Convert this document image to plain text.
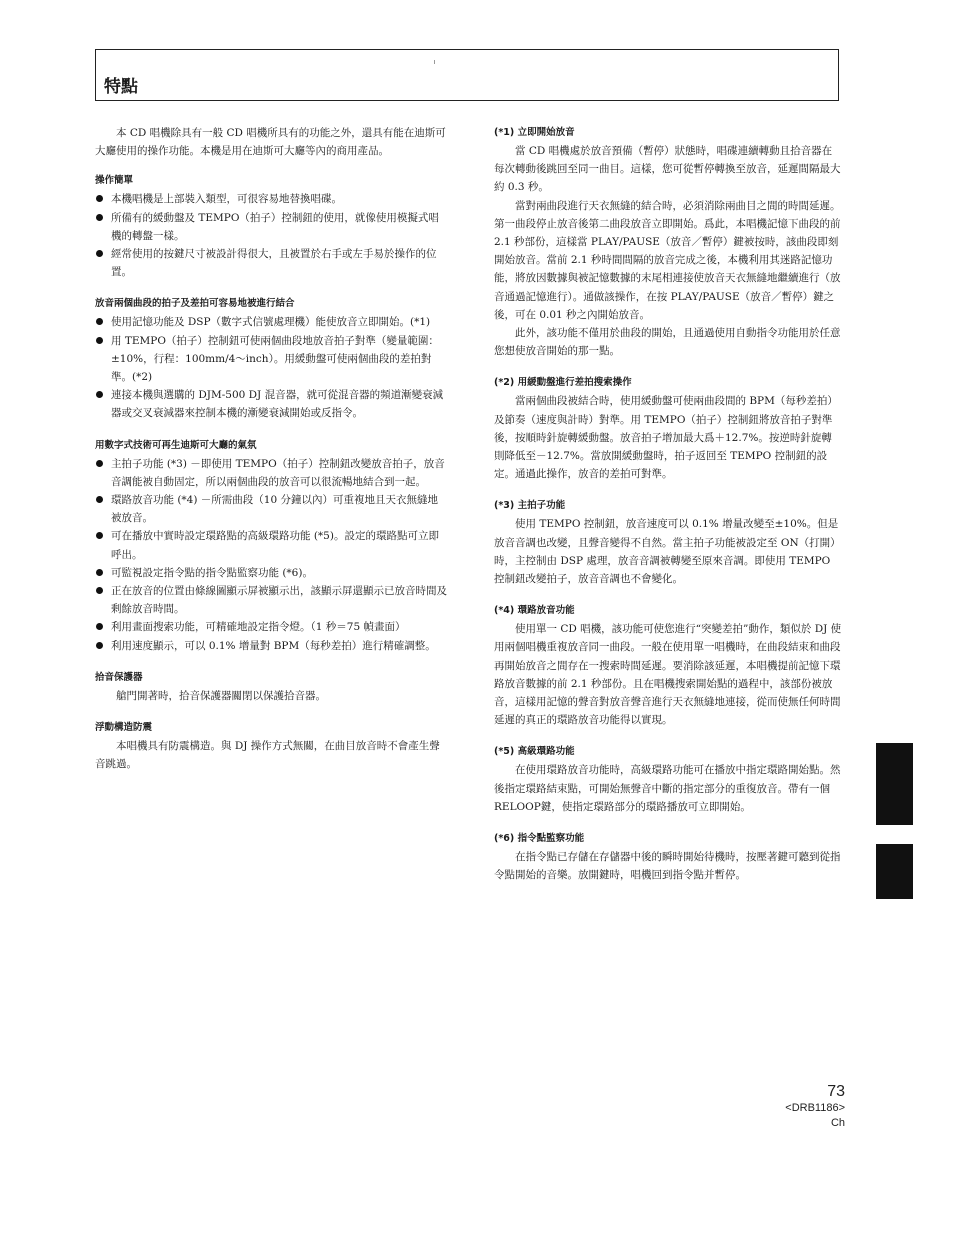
特點

本 CD 唱機除具有一般 CD 唱機所具有的功能之外，還具有能在迪斯可大廳使用的操作功能。本機是用在迪斯可大廳等內的商用產品。

操作簡單
本機唱機是上部裝入類型，可很容易地替換唱碟。
所備有的緩動盤及 TEMPO（拍子）控制鈕的使用，就像使用模擬式唱機的轉盤一樣。
經常使用的按鍵尺寸被設計得很大，且被置於右手或左手易於操作的位置。
放音兩個曲段的拍子及差拍可容易地被進行結合
使用記憶功能及 DSP（數字式信號處理機）能使放音立即開始。(*1)
用 TEMPO（拍子）控制鈕可使兩個曲段地放音拍子對準（變量範圍：±10%，行程：100mm/4～inch）。用緩動盤可使兩個曲段的差拍對準。(*2)
連接本機與選購的 DJM-500 DJ 混音器，就可從混音器的頻道漸變衰減器或交叉衰減器來控制本機的漸變衰減開始或反指令。
用數字式技術可再生迪斯可大廳的氣氛
主拍子功能 (*3) －即使用 TEMPO（拍子）控制鈕改變放音拍子，放音音調能被自動固定，所以兩個曲段的放音可以很流暢地結合到一起。
環路放音功能 (*4) －所需曲段（10 分鐘以內）可重複地且天衣無縫地被放音。
可在播放中實時設定環路點的高級環路功能 (*5)。設定的環路點可立即呼出。
可監視設定指令點的指令點監察功能 (*6)。
正在放音的位置由條線圖顯示屏被顯示出，該顯示屏還顯示已放音時間及剩餘放音時間。
利用畫面搜索功能，可精確地設定指令燈。（1 秒＝75 幀畫面）
利用速度顯示，可以 0.1% 增量對 BPM（每秒差拍）進行精確調整。
拾音保護器

艙門開著時，拾音保護器關閉以保護拾音器。

浮動構造防震

本唱機具有防震構造。與 DJ 操作方式無關，在曲目放音時不會產生聲音跳過。

(*1) 立即開始放音

當 CD 唱機處於放音預備（暫停）狀態時，唱碟連續轉動且拾音器在每次轉動後跳回至同一曲目。這樣，您可從暫停轉換至放音，延遲間隔最大約 0.3 秒。

當對兩曲段進行天衣無縫的結合時，必須消除兩曲目之間的時間延遲。第一曲段停止放音後第二曲段放音立即開始。爲此，本唱機記憶下曲段的前 2.1 秒部份，這樣當 PLAY/PAUSE（放音／暫停）鍵被按時，該曲段即刻開始放音。當前 2.1 秒時間間隔的放音完成之後，本機利用其迷路記憶功能，將放因數據與被記憶數據的末尾相連接使放音天衣無縫地繼續進行（放音通過記憶進行）。通做該操作，在按 PLAY/PAUSE（放音／暫停）鍵之後，可在 0.01 秒之內開始放音。

此外，該功能不僅用於曲段的開始，且通過使用自動指令功能用於任意您想使放音開始的那一點。

(*2) 用緩動盤進行差拍搜索操作

當兩個曲段被結合時，使用緩動盤可使兩曲段間的 BPM（每秒差拍）及節奏（速度與計時）對準。用 TEMPO（拍子）控制鈕將放音拍子對準後，按順時針旋轉緩動盤。放音拍子增加最大爲＋12.7%。按逆時針旋轉則降低至－12.7%。當放開緩動盤時，拍子返回至 TEMPO 控制鈕的設定。通過此操作，放音的差拍可對準。

(*3) 主拍子功能

使用 TEMPO 控制鈕，放音速度可以 0.1% 增量改變至±10%。但是放音音調也改變，且聲音變得不自然。當主拍子功能被設定至 ON（打開）時，主控制由 DSP 處理，放音音調被轉變至原來音調。即使用 TEMPO 控制鈕改變拍子，放音音調也不會變化。

(*4) 環路放音功能

使用單一 CD 唱機，該功能可使您進行“突變差拍”動作，類似於 DJ 使用兩個唱機重複放音同一曲段。一般在使用單一唱機時，在曲段結束和曲段再開始放音之間存在一搜索時間延遲。要消除該延遲，本唱機提前記憶下環路放音數據的前 2.1 秒部份。且在唱機搜索開始點的過程中，該部份被放音，這樣用記憶的聲音對放音聲音進行天衣無縫地連接，從而使無任何時間延遲的真正的環路放音功能得以實現。

(*5) 高級環路功能

在使用環路放音功能時，高級環路功能可在播放中指定環路開始點。然後指定環路結束點，可開始無聲音中斷的指定部分的重復放音。帶有一個RELOOP鍵，使指定環路部分的環路播放可立即開始。

(*6) 指令點監察功能

在指令點已存儲在存儲器中後的瞬時開始待機時，按壓著鍵可聽到從指令點開始的音樂。放開鍵時，唱機回到指令點并暫停。

73
<DRB1186>
Ch
